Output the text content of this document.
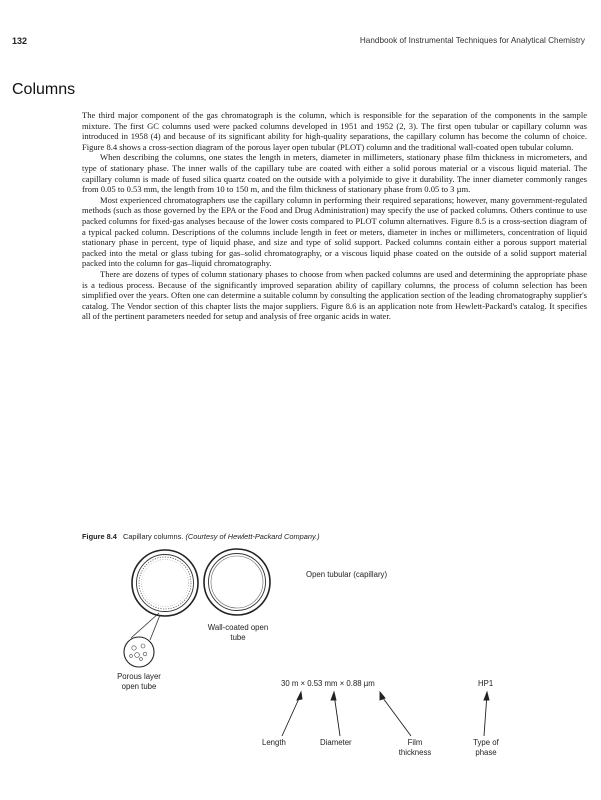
132	Handbook of Instrumental Techniques for Analytical Chemistry
Columns

The third major component of the gas chromatograph is the column, which is responsible for the separation of the components in the sample mixture. The first GC columns used were packed columns developed in 1951 and 1952 (2, 3). The first open tubular or capillary column was introduced in 1958 (4) and because of its significant ability for high-quality separations, the capillary column has become the column of choice. Figure 8.4 shows a cross-section diagram of the porous layer open tubular (PLOT) column and the traditional wall-coated open tubular column.

When describing the columns, one states the length in meters, diameter in millimeters, stationary phase film thickness in micrometers, and type of stationary phase. The inner walls of the capillary tube are coated with either a solid porous material or a viscous liquid material. The capillary column is made of fused silica quartz coated on the outside with a polyimide to give it durability. The inner diameter commonly ranges from 0.05 to 0.53 mm, the length from 10 to 150 m, and the film thickness of stationary phase from 0.05 to 3 µm.

Most experienced chromatographers use the capillary column in performing their required separations; however, many government-regulated methods (such as those governed by the EPA or the Food and Drug Administration) may specify the use of packed columns. Others continue to use packed columns for fixed-gas analyses because of the lower costs compared to PLOT column alternatives. Figure 8.5 is a cross-section diagram of a typical packed column. Descriptions of the columns include length in feet or meters, diameter in inches or millimeters, concentration of liquid stationary phase in percent, type of liquid phase, and size and type of solid support. Packed columns contain either a porous support material packed into the metal or glass tubing for gas–solid chromatography, or a viscous liquid phase coated on the outside of a solid support material packed into the column for gas–liquid chromatography.

There are dozens of types of column stationary phases to choose from when packed columns are used and determining the appropriate phase is a tedious process. Because of the significantly improved separation ability of capillary columns, the process of column selection has been simplified over the years. Often one can determine a suitable column by consulting the application section of the leading chromatography supplier's catalog. The Vendor section of this chapter lists the major suppliers. Figure 8.6 is an application note from Hewlett-Packard's catalog. It specifies all of the pertinent parameters needed for setup and analysis of free organic acids in water.

Figure 8.4 Capillary columns. (Courtesy of Hewlett-Packard Company.)
Open tubular (capillary)
Wall-coated open tube
Porous layer open tube	30 m × 0.53 mm × 0.88 µm	HP1
Length	Diameter	Film thickness
Type of phase
